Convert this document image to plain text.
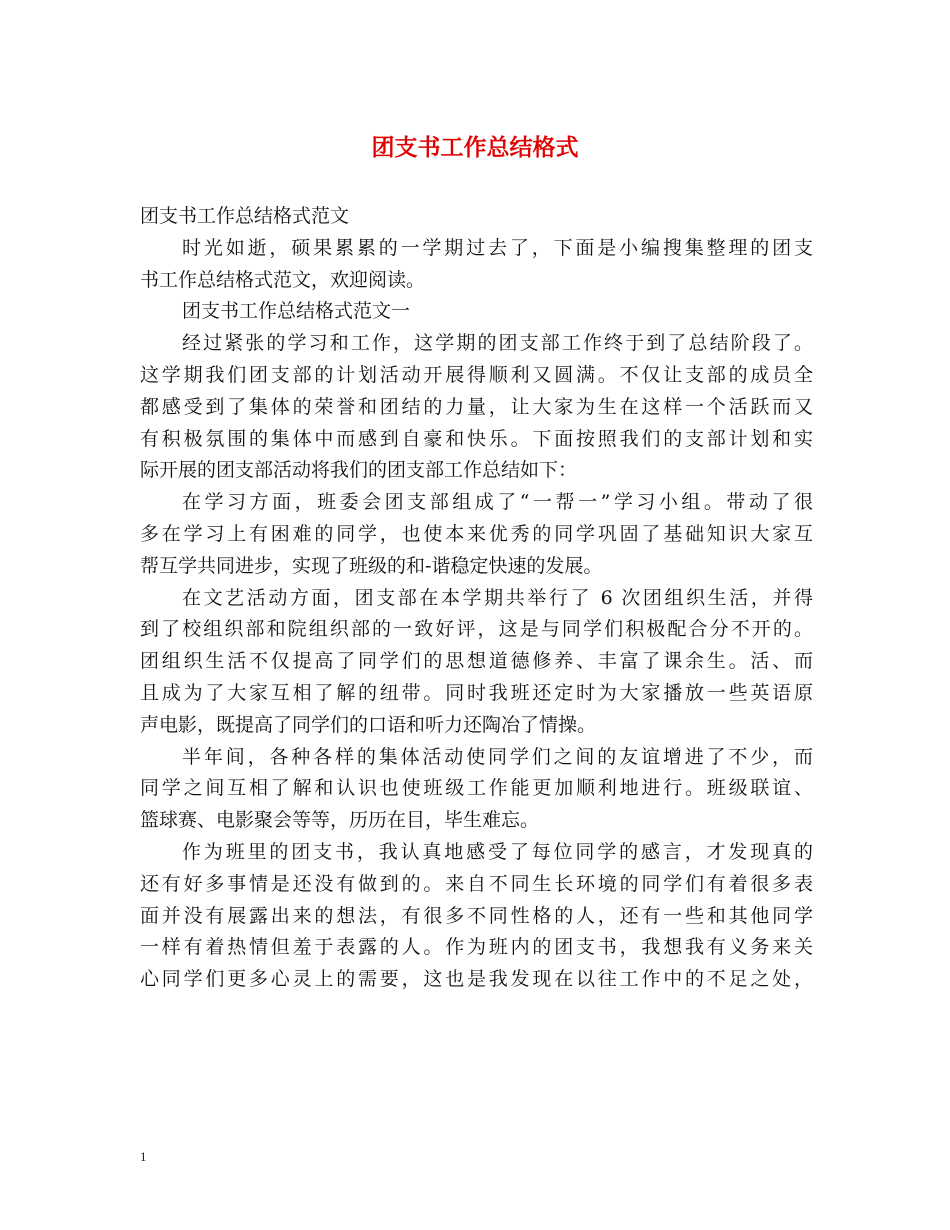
团支书工作总结格式
团支书工作总结格式范文
时光如逝，硕果累累的一学期过去了，下面是小编搜集整理的团支
书工作总结格式范文，欢迎阅读。
团支书工作总结格式范文一
经过紧张的学习和工作，这学期的团支部工作终于到了总结阶段了。
这学期我们团支部的计划活动开展得顺利又圆满。不仅让支部的成员全
都感受到了集体的荣誉和团结的力量，让大家为生在这样一个活跃而又
有积极氛围的集体中而感到自豪和快乐。下面按照我们的支部计划和实
际开展的团支部活动将我们的团支部工作总结如下：
在学习方面，班委会团支部组成了“一帮一”学习小组。带动了很
多在学习上有困难的同学，也使本来优秀的同学巩固了基础知识大家互
帮互学共同进步，实现了班级的和-谐稳定快速的发展。
在文艺活动方面，团支部在本学期共举行了 6 次团组织生活，并得
到了校组织部和院组织部的一致好评，这是与同学们积极配合分不开的。
团组织生活不仅提高了同学们的思想道德修养、丰富了课余生。活、而
且成为了大家互相了解的纽带。同时我班还定时为大家播放一些英语原
声电影，既提高了同学们的口语和听力还陶冶了情操。
半年间，各种各样的集体活动使同学们之间的友谊增进了不少，而
同学之间互相了解和认识也使班级工作能更加顺利地进行。班级联谊、
篮球赛、电影聚会等等，历历在目，毕生难忘。
作为班里的团支书，我认真地感受了每位同学的感言，才发现真的
还有好多事情是还没有做到的。来自不同生长环境的同学们有着很多表
面并没有展露出来的想法，有很多不同性格的人，还有一些和其他同学
一样有着热情但羞于表露的人。作为班内的团支书，我想我有义务来关
心同学们更多心灵上的需要，这也是我发现在以往工作中的不足之处，
1
